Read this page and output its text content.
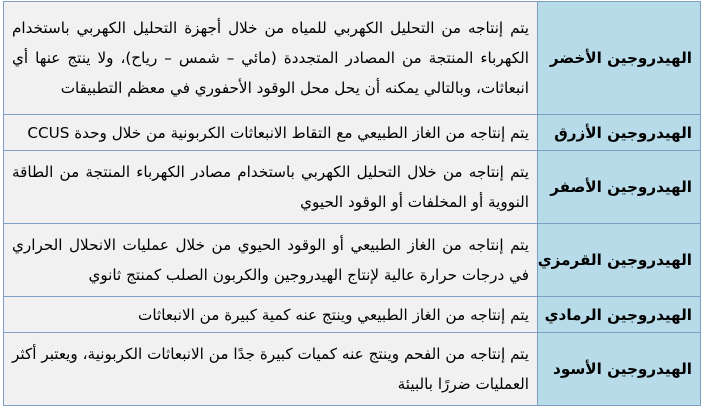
الهيدروجين الأخضر	يتم إنتاجه من التحليل الكهربي للمياه من خلال أجهزة التحليل الكهربي باستخدام الكهرباء المنتجة من المصادر المتجددة (مائي – شمس – رياح)، ولا ينتج عنها أي انبعاثات، وبالتالي يمكنه أن يحل محل الوقود الأحفوري في معظم التطبيقات
الهيدروجين الأزرق	يتم إنتاجه من الغاز الطبيعي مع التقاط الانبعاثات الكربونية من خلال وحدة CCUS
الهيدروجين الأصفر	يتم إنتاجه من خلال التحليل الكهربي باستخدام مصادر الكهرباء المنتجة من الطاقة النووية أو المخلفات أو الوقود الحيوي
الهيدروجين القرمزي	يتم إنتاجه من الغاز الطبيعي أو الوقود الحيوي من خلال عمليات الانحلال الحراري في درجات حرارة عالية لإنتاج الهيدروجين والكربون الصلب كمنتج ثانوي
الهيدروجين الرمادي	يتم إنتاجه من الغاز الطبيعي وينتج عنه كمية كبيرة من الانبعاثات
الهيدروجين الأسود	يتم إنتاجه من الفحم وينتج عنه كميات كبيرة جدًا من الانبعاثات الكربونية، ويعتبر أكثر العمليات ضررًا بالبيئة
